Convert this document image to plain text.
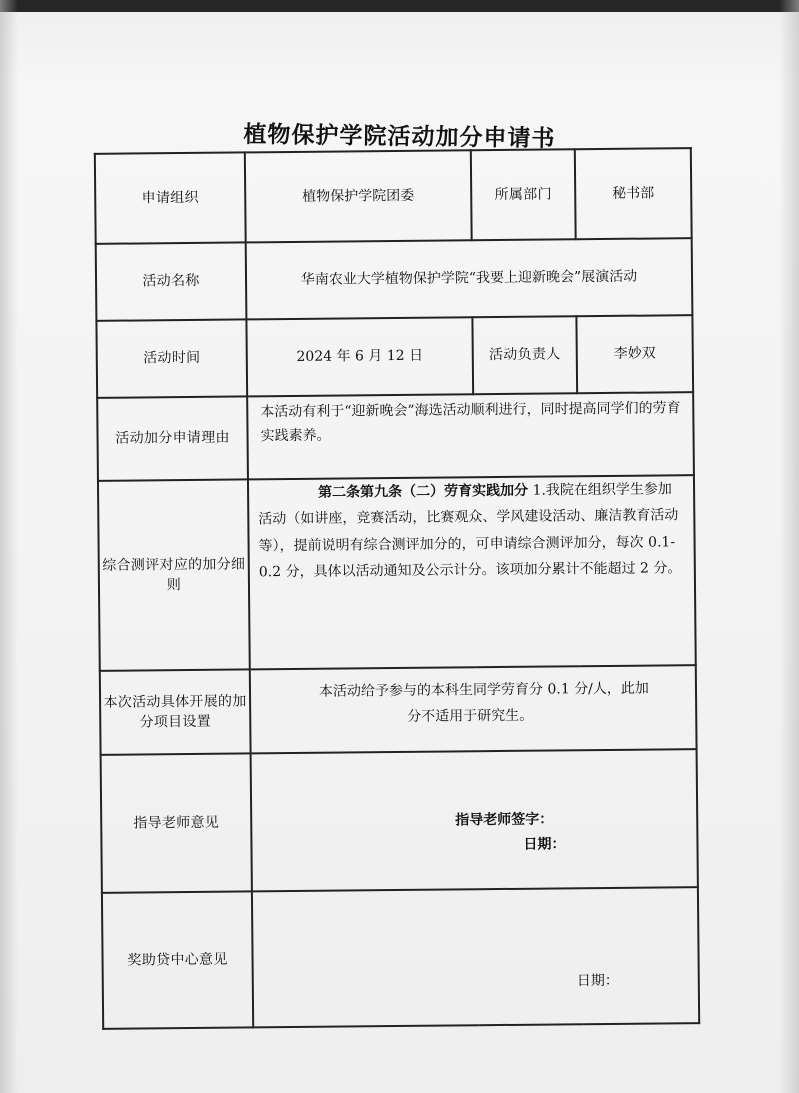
植物保护学院活动加分申请书
申请组织	植物保护学院团委	所属部门	秘书部
活动名称	华南农业大学植物保护学院“我要上迎新晚会”展演活动		
活动时间	2024 年 6 月 12 日	活动负责人	李妙双
活动加分申请理由	本活动有利于“迎新晚会”海选活动顺利进行，同时提高同学们的劳育实践素养。		
综合测评对应的加分细则	第二条第九条（二）劳育实践加分 1.我院在组织学生参加活动（如讲座，竞赛活动，比赛观众、学风建设活动、廉洁教育活动等），提前说明有综合测评加分的，可申请综合测评加分，每次 0.1-0.2 分，具体以活动通知及公示计分。该项加分累计不能超过 2 分。		
本次活动具体开展的加分项目设置	本活动给予参与的本科生同学劳育分 0.1 分/人，此加
分不适用于研究生。		

指导老师意见	指导老师签字：
日期：		

奖助贷中心意见	日期：		
